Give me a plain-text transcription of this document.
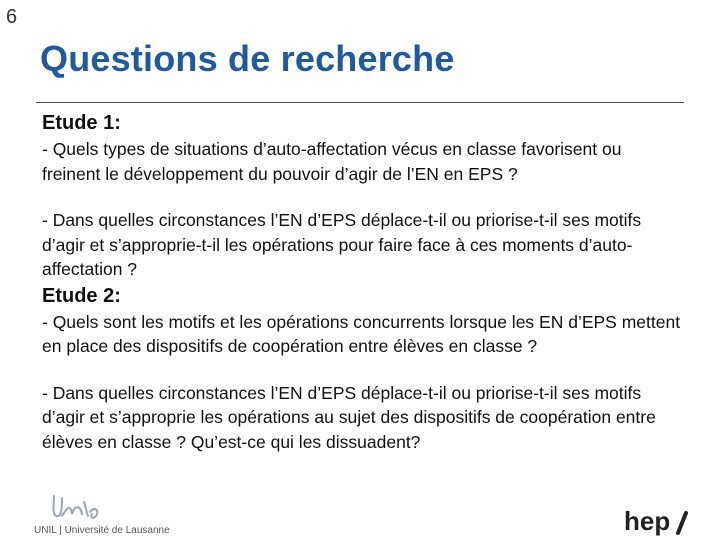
6
Questions de recherche
Etude 1:

- Quels types de situations d’auto-affectation vécus en classe favorisent ou freinent le développement du pouvoir d’agir de l’EN en EPS ?

- Dans quelles circonstances l’EN d’EPS déplace-t-il ou priorise-t-il ses motifs d’agir et s’approprie-t-il les opérations pour faire face à ces moments d’auto-affectation ?

Etude 2:

- Quels sont les motifs et les opérations concurrents lorsque les EN d’EPS mettent en place des dispositifs de coopération entre élèves en classe ?

- Dans quelles circonstances l’EN d’EPS déplace-t-il ou priorise-t-il ses motifs d’agir et s’approprie les opérations au sujet des dispositifs de coopération entre élèves en classe ? Qu’est-ce qui les dissuadent?

UNIL | Université de Lausanne	hep
